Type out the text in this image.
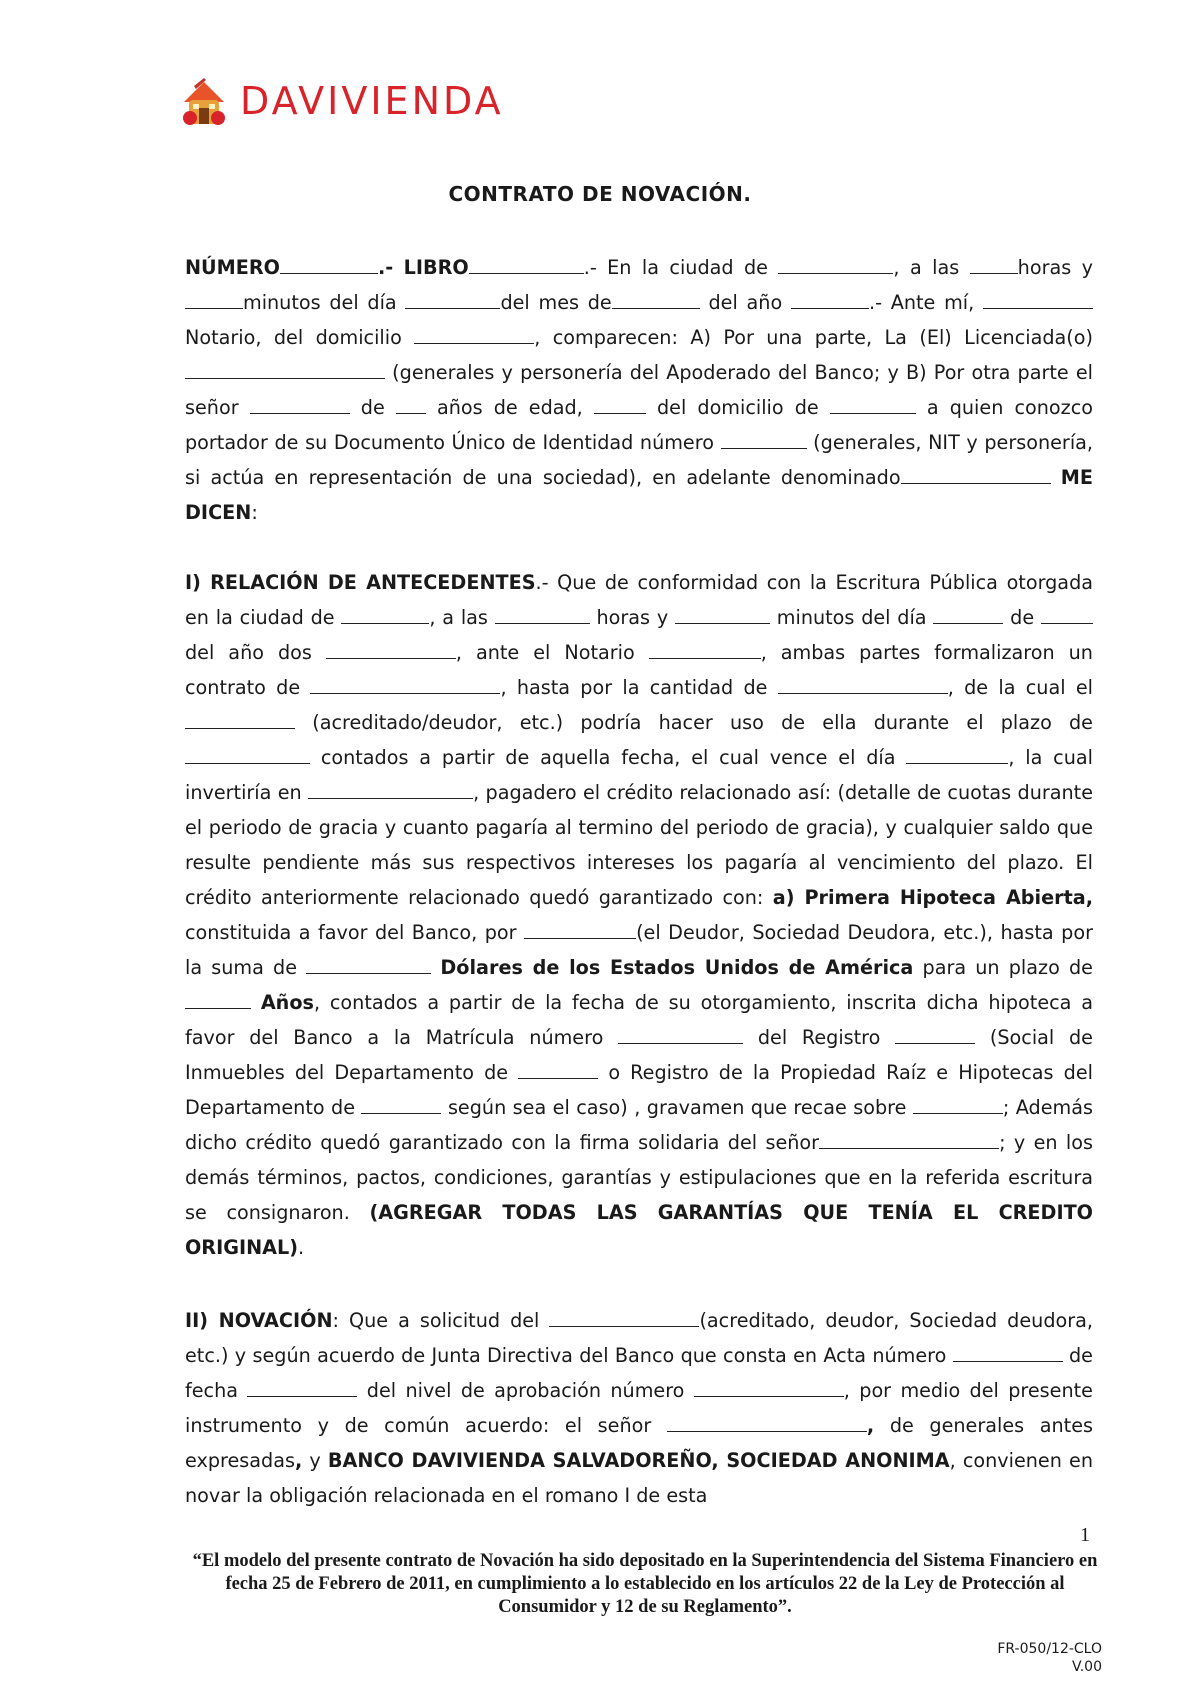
DAVIVIENDA
CONTRATO DE NOVACIÓN.

NÚMERO	.- LIBRO	.- En la ciudad de	, a las	horas y minutos del día	del mes de	del año	.- Ante mí,  Notario, del domicilio	, comparecen: A) Por una parte, La (El) Licenciada(o)  (generales y personería del Apoderado del Banco; y B) Por otra parte el señor	de	años de edad,	del domicilio de	a quien conozco portador de su Documento Único de Identidad número	(generales, NIT y personería, si actúa en representación de una sociedad), en adelante denominado	ME DICEN:

I) RELACIÓN DE ANTECEDENTES.- Que de conformidad con la Escritura Pública otorgada en la ciudad de	, a las	horas y	minutos del día	de  del año dos	, ante el Notario	, ambas partes formalizaron un contrato de	, hasta por la cantidad de	, de la cual el (acreditado/deudor, etc.) podría hacer uso de ella durante el plazo de  contados a partir de aquella fecha, el cual vence el día	, la cual invertiría en	, pagadero el crédito relacionado así: (detalle de cuotas durante el periodo de gracia y cuanto pagaría al termino del periodo de gracia), y cualquier saldo que resulte pendiente más sus respectivos intereses los pagaría al vencimiento del plazo. El crédito anteriormente relacionado quedó garantizado con: a) Primera Hipoteca Abierta, constituida a favor del Banco, por	(el Deudor, Sociedad Deudora, etc.), hasta por la suma de	Dólares de los Estados Unidos de América para un plazo de  Años, contados a partir de la fecha de su otorgamiento, inscrita dicha hipoteca a favor del Banco a la Matrícula número	del Registro	(Social de Inmuebles del Departamento de	o Registro de la Propiedad Raíz e Hipotecas del Departamento de	según sea el caso) , gravamen que recae sobre	; Además dicho crédito quedó garantizado con la firma solidaria del señor	; y en los demás términos, pactos, condiciones, garantías y estipulaciones que en la referida escritura se consignaron. (AGREGAR TODAS LAS GARANTÍAS QUE TENÍA EL CREDITO ORIGINAL).

II) NOVACIÓN: Que a solicitud del	(acreditado, deudor, Sociedad deudora, etc.) y según acuerdo de Junta Directiva del Banco que consta en Acta número	de fecha	del nivel de aprobación número	, por medio del presente instrumento y de común acuerdo: el señor	, de generales antes expresadas, y BANCO DAVIVIENDA SALVADOREÑO, SOCIEDAD ANONIMA, convienen en novar la obligación relacionada en el romano I de esta

1
“El modelo del presente contrato de Novación ha sido depositado en la Superintendencia del Sistema Financiero en fecha 25 de Febrero de 2011, en cumplimiento a lo establecido en los artículos 22 de la Ley de Protección al Consumidor y 12 de su Reglamento”.
FR-050/12-CLO
V.00
